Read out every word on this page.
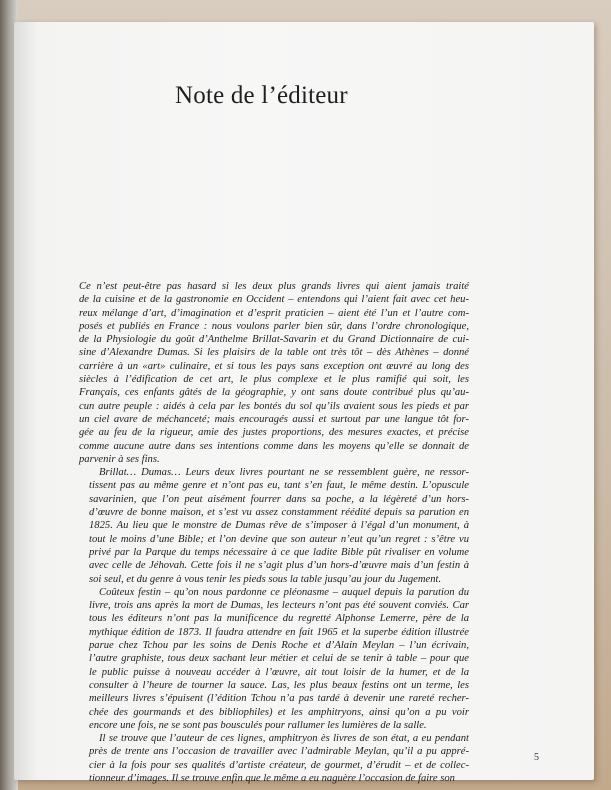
Note de l’éditeur
Ce n’est peut-être pas hasard si les deux plus grands livres qui aient jamais traité
de la cuisine et de la gastronomie en Occident – entendons qui l’aient fait avec cet heu-
reux mélange d’art, d’imagination et d’esprit praticien – aient été l’un et l’autre com-
posés et publiés en France : nous voulons parler bien sûr, dans l’ordre chronologique,
de la Physiologie du goût d’Anthelme Brillat-Savarin et du Grand Dictionnaire de cui-
sine d’Alexandre Dumas. Si les plaisirs de la table ont très tôt – dès Athènes – donné
carrière à un «art» culinaire, et si tous les pays sans exception ont œuvré au long des
siècles à l’édification de cet art, le plus complexe et le plus ramifié qui soit, les
Français, ces enfants gâtés de la géographie, y ont sans doute contribué plus qu’au-
cun autre peuple : aidés à cela par les bontés du sol qu’ils avaient sous les pieds et par
un ciel avare de méchanceté; mais encouragés aussi et surtout par une langue tôt for-
gée au feu de la rigueur, amie des justes proportions, des mesures exactes, et précise
comme aucune autre dans ses intentions comme dans les moyens qu’elle se donnait de
parvenir à ses fins.
Brillat… Dumas… Leurs deux livres pourtant ne se ressemblent guère, ne ressor-
tissent pas au même genre et n’ont pas eu, tant s’en faut, le même destin. L’opuscule
savarinien, que l’on peut aisément fourrer dans sa poche, a la légèreté d’un hors-
d’œuvre de bonne maison, et s’est vu assez constamment réédité depuis sa parution en
1825. Au lieu que le monstre de Dumas rêve de s’imposer à l’égal d’un monument, à
tout le moins d’une Bible; et l’on devine que son auteur n’eut qu’un regret : s’être vu
privé par la Parque du temps nécessaire à ce que ladite Bible pût rivaliser en volume
avec celle de Jéhovah. Cette fois il ne s’agit plus d’un hors-d’œuvre mais d’un festin à
soi seul, et du genre à vous tenir les pieds sous la table jusqu’au jour du Jugement.
Coûteux festin – qu’on nous pardonne ce pléonasme – auquel depuis la parution du
livre, trois ans après la mort de Dumas, les lecteurs n’ont pas été souvent conviés. Car
tous les éditeurs n’ont pas la munificence du regretté Alphonse Lemerre, père de la
mythique édition de 1873. Il faudra attendre en fait 1965 et la superbe édition illustrée
parue chez Tchou par les soins de Denis Roche et d’Alain Meylan – l’un écrivain,
l’autre graphiste, tous deux sachant leur métier et celui de se tenir à table – pour que
le public puisse à nouveau accéder à l’œuvre, ait tout loisir de la humer, et de la
consulter à l’heure de tourner la sauce. Las, les plus beaux festins ont un terme, les
meilleurs livres s’épuisent (l’édition Tchou n’a pas tardé à devenir une rareté recher-
chée des gourmands et des bibliophiles) et les amphitryons, ainsi qu’on a pu voir
encore une fois, ne se sont pas bousculés pour rallumer les lumières de la salle.
Il se trouve que l’auteur de ces lignes, amphitryon ès livres de son état, a eu pendant
près de trente ans l’occasion de travailler avec l’admirable Meylan, qu’il a pu appré-
cier à la fois pour ses qualités d’artiste créateur, de gourmet, d’érudit – et de collec-
tionneur d’images. Il se trouve enfin que le même a eu naguère l’occasion de faire son
5
